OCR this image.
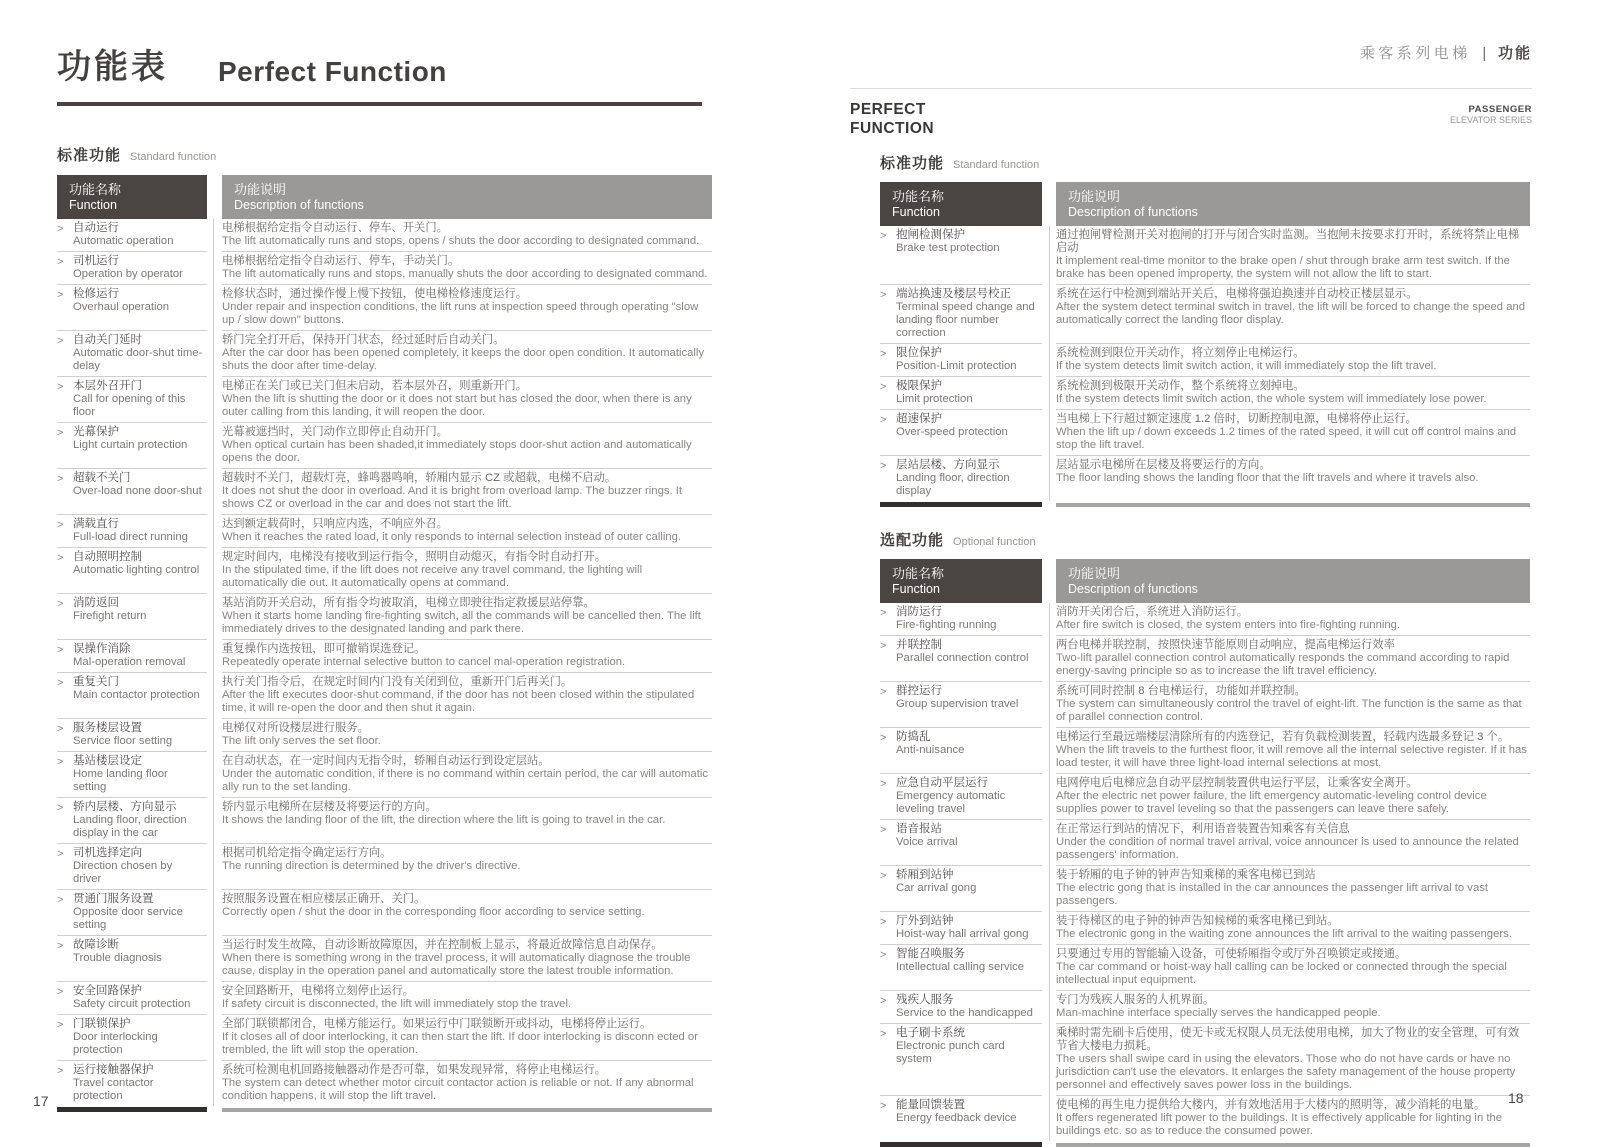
功能表 Perfect Function
标准功能 Standard function
功能名称
Function
功能说明
Description of functions
> 自动运行
Automatic operation
电梯根据给定指令自动运行、停车、开关门。
The lift automatically runs and stops, opens / shuts the door according to designated command.
> 司机运行
Operation by operator
电梯根据给定指令自动运行、停车，手动关门。
The lift automatically runs and stops, manually shuts the door according to designated command.
> 检修运行
Overhaul operation
检修状态时，通过操作慢上慢下按钮，使电梯检修速度运行。
Under repair and inspection conditions, the lift runs at inspection speed through operating "slow up / slow down" buttons.
> 自动关门延时
Automatic door-shut time-delay
轿门完全打开后，保持开门状态，经过延时后自动关门。
After the car door has been opened completely, it keeps the door open condition. It automatically shuts the door after time-delay.
> 本层外召开门
Call for opening of this floor
电梯正在关门或已关门但未启动，若本层外召，则重新开门。
When the lift is shutting the door or it does not start but has closed the door, when there is any outer calling from this landing, it will reopen the door.
> 光幕保护
Light curtain protection
光幕被遮挡时，关门动作立即停止自动开门。
When optical curtain has been shaded,it immediately stops door-shut action and automatically opens the door.
> 超载不关门
Over-load none door-shut
超载时不关门，超载灯亮，蜂鸣器鸣响，轿厢内显示 CZ 或超载，电梯不启动。
It does not shut the door in overload. And it is bright from overload lamp. The buzzer rings. It shows CZ or overload in the car and does not start the lift.
> 满载直行
Full-load direct running
达到额定载荷时，只响应内选，不响应外召。
When it reaches the rated load, it only responds to internal selection instead of outer calling.
> 自动照明控制
Automatic lighting control
规定时间内，电梯没有接收到运行指令，照明自动熄灭，有指令时自动打开。
In the stipulated time, if the lift does not receive any travel command, the lighting will automatically die out. It automatically opens at command.
> 消防返回
Firefight return
基站消防开关启动，所有指令均被取消，电梯立即驶往指定救援层站停靠。
When it starts home landing fire-fighting switch, all the commands will be cancelled then. The lift immediately drives to the designated landing and park there.
> 误操作消除
Mal-operation removal
重复操作内选按钮，即可撤销误选登记。
Repeatedly operate internal selective button to cancel mal-operation registration.
> 重复关门
Main contactor protection
执行关门指令后，在规定时间内门没有关闭到位，重新开门后再关门。
After the lift executes door-shut command, if the door has not been closed within the stipulated time, it will re-open the door and then shut it again.
> 服务楼层设置
Service floor setting
电梯仅对所设楼层进行服务。
The lift only serves the set floor.
> 基站楼层设定
Home landing floor setting
在自动状态，在一定时间内无指令时，轿厢自动运行到设定层站。
Under the automatic condition, if there is no command within certain period, the car will automatic ally run to the set landing.
> 轿内层楼、方向显示
Landing floor, direction display in the car
轿内显示电梯所在层楼及将要运行的方向。
It shows the landing floor of the lift, the direction where the lift is going to travel in the car.
> 司机选择定向
Direction chosen by driver
根据司机给定指令确定运行方向。
The running direction is determined by the driver's directive.
> 贯通门服务设置
Opposite door service setting
按照服务设置在相应楼层正确开、关门。
Correctly open / shut the door in the corresponding floor according to service setting.
> 故障诊断
Trouble diagnosis
当运行时发生故障，自动诊断故障原因，并在控制板上显示，将最近故障信息自动保存。
When there is something wrong in the travel process, it will automatically diagnose the trouble cause, display in the operation panel and automatically store the latest trouble information.
> 安全回路保护
Safety circuit protection
安全回路断开，电梯将立刻停止运行。
If safety circuit is disconnected, the lift will immediately stop the travel.
> 门联锁保护
Door interlocking protection
全部门联锁都闭合，电梯方能运行。如果运行中门联锁断开或抖动，电梯将停止运行。
If it closes all of door interlocking, it can then start the lift. If door interlocking is disconn ected or trembled, the lift will stop the operation.
> 运行接触器保护
Travel contactor protection
系统可检测电机回路接触器动作是否可靠，如果发现异常，将停止电梯运行。
The system can detect whether motor circuit contactor action is reliable or not. If any abnormal condition happens, it will stop the lift travel.
乘客系列电梯 | 功能
PERFECT
FUNCTION
PASSENGER
ELEVATOR SERIES
标准功能 Standard function
功能名称
Function
功能说明
Description of functions
> 抱闸检测保护
Brake test protection
通过抱闸臂检测开关对抱闸的打开与闭合实时监测。当抱闸未按要求打开时，系统将禁止电梯启动
It implement real-time monitor to the brake open / shut through brake arm test switch. If the brake has been opened improperty, the system will not allow the lift to start.
> 端站换速及楼层号校正
Terminal speed change and landing floor number correction
系统在运行中检测到端站开关后，电梯将强迫换速并自动校正楼层显示。
After the system detect terminal switch in travel, the lift will be forced to change the speed and automatically correct the landing floor display.
> 限位保护
Position-Limit protection
系统检测到限位开关动作，将立刻停止电梯运行。
If the system detects limit switch action, it will immediately stop the lift travel.
> 极限保护
Limit protection
系统检测到极限开关动作，整个系统将立刻掉电。
If the system detects limit switch action, the whole system will immediately lose power.
> 超速保护
Over-speed protection
当电梯上下行超过额定速度 1.2 倍时，切断控制电源，电梯将停止运行。
When the lift up / down exceeds 1.2 times of the rated speed, it will cut off control mains and stop the lift travel.
> 层站层楼、方向显示
Landing floor, direction display
层站显示电梯所在层楼及将要运行的方向。
The floor landing shows the landing floor that the lift travels and where it travels also.
选配功能 Optional function
功能名称
Function
功能说明
Description of functions
> 消防运行
Fire-fighting running
消防开关闭合后，系统进入消防运行。
After fire switch is closed, the system enters into fire-fighting running.
> 并联控制
Parallel connection control
两台电梯并联控制，按照快速节能原则自动响应，提高电梯运行效率
Two-lift parallel connection control automatically responds the command according to rapid energy-saving principle so as to increase the lift travel efficiency.
> 群控运行
Group supervision travel
系统可同时控制 8 台电梯运行，功能如并联控制。
The system can simultaneously control the travel of eight-lift. The function is the same as that of parallel connection control.
> 防捣乱
Anti-nuisance
电梯运行至最远端楼层清除所有的内选登记，若有负载检测装置，轻载内选最多登记 3 个。
When the lift travels to the furthest floor, it will remove all the internal selective register. If it has load tester, it will have three light-load internal selections at most.
> 应急自动平层运行
Emergency automatic leveling travel
电网停电后电梯应急自动平层控制装置供电运行平层，让乘客安全离开。
After the electric net power failure, the lift emergency automatic-leveling control device supplies power to travel leveling so that the passengers can leave there safely.
> 语音报站
Voice arrival
在正常运行到站的情况下，利用语音装置告知乘客有关信息
Under the condition of normal travel arrival, voice announcer is used to announce the related passengers' information.
> 轿厢到站钟
Car arrival gong
装于轿厢的电子钟的钟声告知乘梯的乘客电梯已到站
The electric gong that is installed in the car announces the passenger lift arrival to vast passengers.
> 厅外到站钟
Hoist-way hall arrival gong
装于待梯区的电子钟的钟声告知候梯的乘客电梯已到站。
The electronic gong in the waiting zone announces the lift arrival to the waiting passengers.
> 智能召唤服务
Intellectual calling service
只要通过专用的智能输入设备，可使轿厢指令或厅外召唤锁定或接通。
The car command or hoist-way hall calling can be locked or connected through the special intellectual input equipment.
> 残疾人服务
Service to the handicapped
专门为残疾人服务的人机界面。
Man-machine interface specially serves the handicapped people.
> 电子刷卡系统
Electronic punch card system
乘梯时需先刷卡后使用，使无卡或无权限人员无法使用电梯，加大了物业的安全管理，可有效节省大楼电力损耗。
The users shall swipe card in using the elevators. Those who do not have cards or have no jurisdiction can't use the elevators. It enlarges the safety management of the house property personnel and effectively saves power loss in the buildings.
> 能量回馈装置
Energy feedback device
使电梯的再生电力提供给大楼内，并有效地活用于大楼内的照明等，减少消耗的电量。
It offers regenerated lift power to the buildings. It is effectively applicable for lighting in the buildings etc. so as to reduce the consumed power.
17	18
